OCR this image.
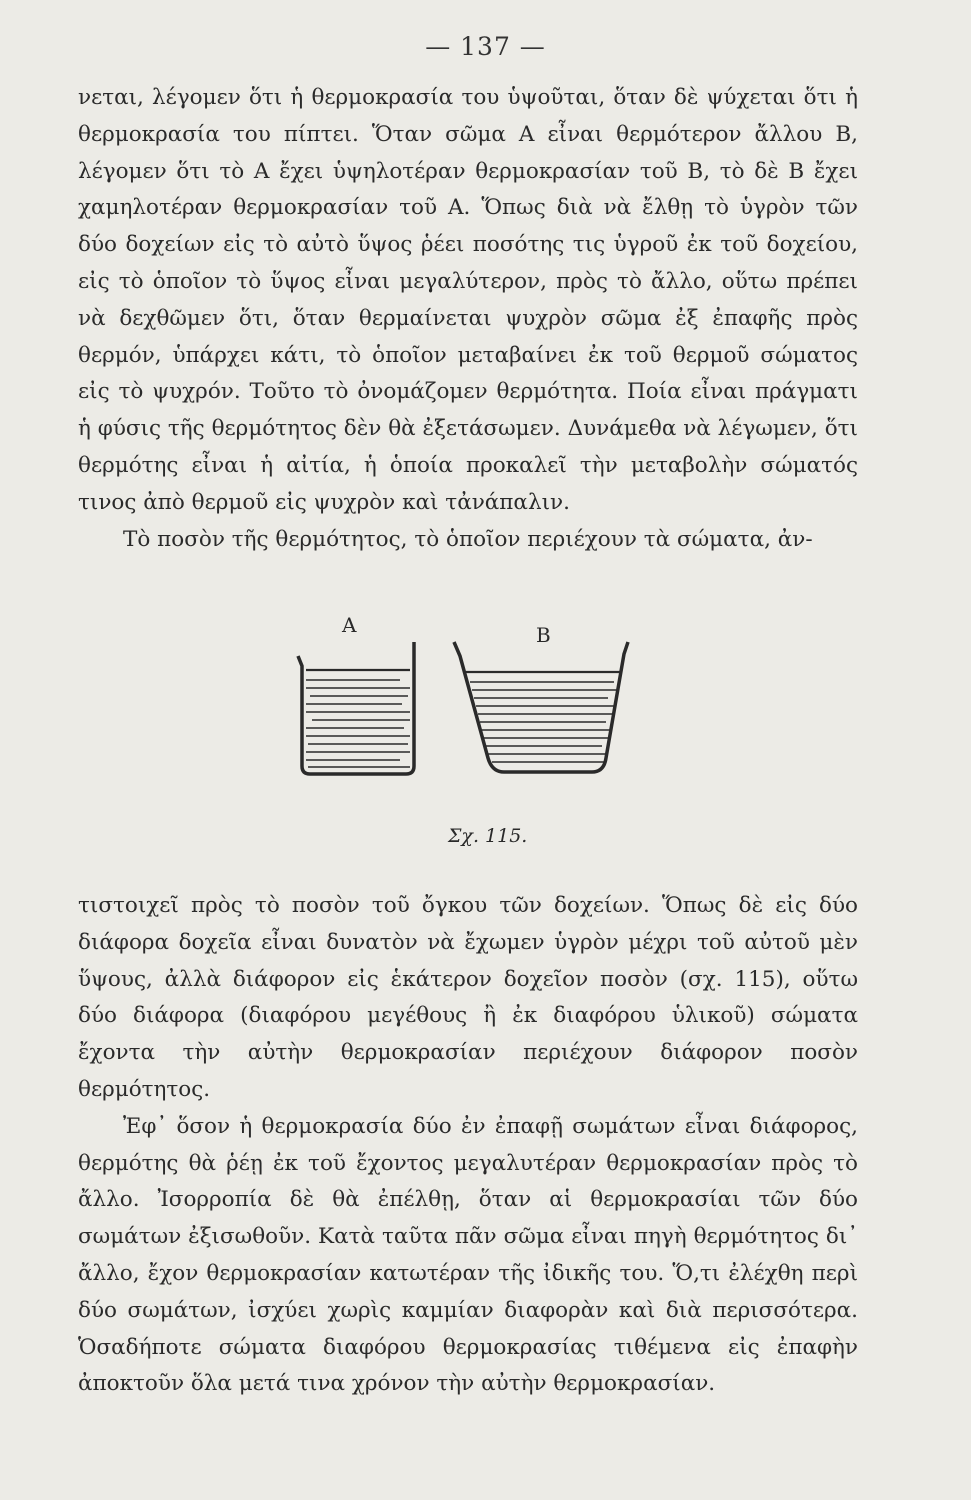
— 137 —

νεται, λέγομεν ὅτι ἡ θερμοκρασία του ὑψοῦται, ὅταν δὲ ψύχεται ὅτι ἡ θερμοκρασία του πίπτει. Ὅταν σῶμα Α εἶναι θερμότερον ἄλλου Β, λέγομεν ὅτι τὸ Α ἔχει ὑψηλοτέραν θερμοκρασίαν τοῦ Β, τὸ δὲ Β ἔχει χαμηλοτέραν θερμοκρασίαν τοῦ Α. Ὅπως διὰ νὰ ἔλθῃ τὸ ὑγρὸν τῶν δύο δοχείων εἰς τὸ αὐτὸ ὕψος ῥέει ποσότης τις ὑγροῦ ἐκ τοῦ δοχείου, εἰς τὸ ὁποῖον τὸ ὕψος εἶναι μεγαλύτερον, πρὸς τὸ ἄλλο, οὕτω πρέπει νὰ δεχθῶμεν ὅτι, ὅταν θερμαίνεται ψυχρὸν σῶμα ἐξ ἐπαφῆς πρὸς θερμόν, ὑπάρχει κάτι, τὸ ὁποῖον μεταβαίνει ἐκ τοῦ θερμοῦ σώματος εἰς τὸ ψυχρόν. Τοῦτο τὸ ὀνομάζομεν θερμότητα. Ποία εἶναι πράγματι ἡ φύσις τῆς θερμότητος δὲν θὰ ἐξετάσωμεν. Δυνάμεθα νὰ λέγωμεν, ὅτι θερμότης εἶναι ἡ αἰτία, ἡ ὁποία προκαλεῖ τὴν μεταβολὴν σώματός τινος ἀπὸ θερμοῦ εἰς ψυχρὸν καὶ τἀνάπαλιν.

Τὸ ποσὸν τῆς θερμότητος, τὸ ὁποῖον περιέχουν τὰ σώματα, ἀν-

A	B
Σχ. 115.

τιστοιχεῖ πρὸς τὸ ποσὸν τοῦ ὄγκου τῶν δοχείων. Ὅπως δὲ εἰς δύο διάφορα δοχεῖα εἶναι δυνατὸν νὰ ἔχωμεν ὑγρὸν μέχρι τοῦ αὐτοῦ μὲν ὕψους, ἀλλὰ διάφορον εἰς ἑκάτερον δοχεῖον ποσὸν (σχ. 115), οὕτω δύο διάφορα (διαφόρου μεγέθους ἢ ἐκ διαφόρου ὑλικοῦ) σώματα ἔχοντα τὴν αὐτὴν θερμοκρασίαν περιέχουν διάφορον ποσὸν θερμότητος.

Ἐφ᾽ ὅσον ἡ θερμοκρασία δύο ἐν ἐπαφῇ σωμάτων εἶναι διάφορος, θερμότης θὰ ῥέῃ ἐκ τοῦ ἔχοντος μεγαλυτέραν θερμοκρασίαν πρὸς τὸ ἄλλο. Ἰσορροπία δὲ θὰ ἐπέλθῃ, ὅταν αἱ θερμοκρασίαι τῶν δύο σωμάτων ἐξισωθοῦν. Κατὰ ταῦτα πᾶν σῶμα εἶναι πηγὴ θερμότητος δι᾽ ἄλλο, ἔχον θερμοκρασίαν κατωτέραν τῆς ἰδικῆς του. Ὅ,τι ἐλέχθη περὶ δύο σωμάτων, ἰσχύει χωρὶς καμμίαν διαφορὰν καὶ διὰ περισσότερα. Ὁσαδήποτε σώματα διαφόρου θερμοκρασίας τιθέμενα εἰς ἐπαφὴν ἀποκτοῦν ὅλα μετά τινα χρόνον τὴν αὐτὴν θερμοκρασίαν.
